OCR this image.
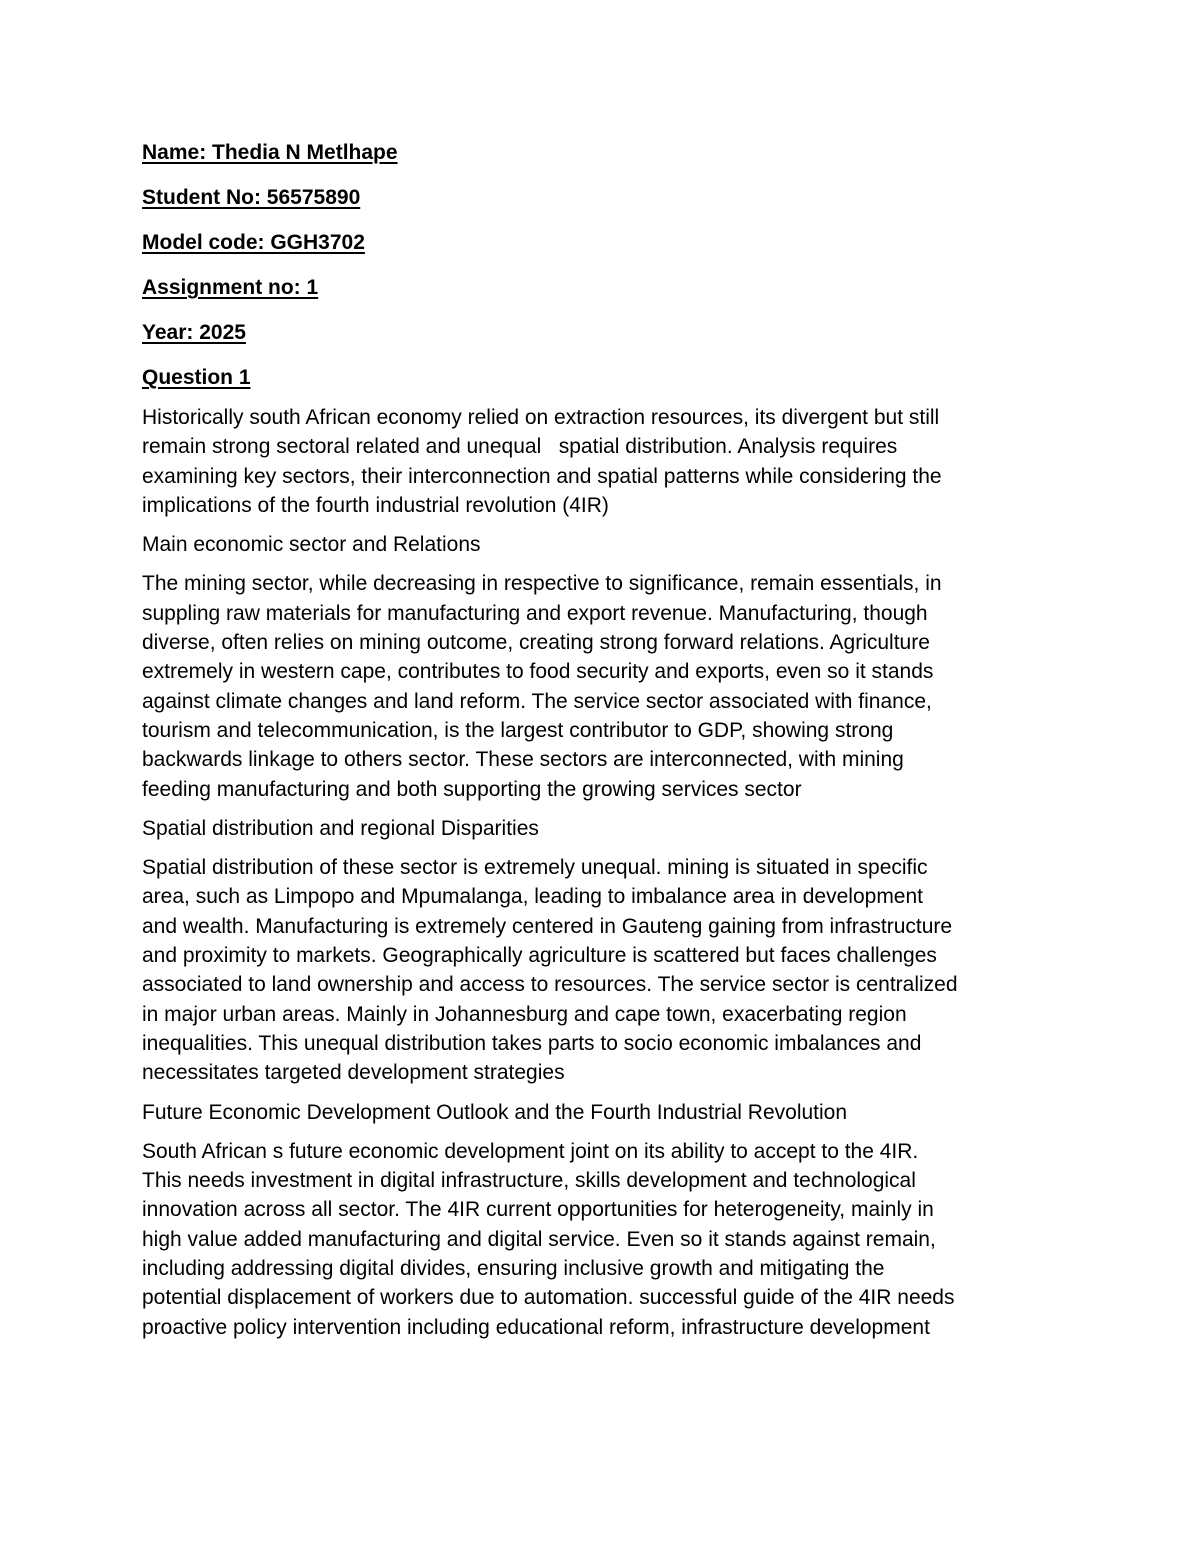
Name: Thedia N Metlhape
Student No: 56575890
Model code: GGH3702
Assignment no: 1
Year: 2025
Question 1
Historically south African economy relied on extraction resources, its divergent but still
remain strong sectoral related and unequal   spatial distribution. Analysis requires
examining key sectors, their interconnection and spatial patterns while considering the
implications of the fourth industrial revolution (4IR)
Main economic sector and Relations
The mining sector, while decreasing in respective to significance, remain essentials, in
suppling raw materials for manufacturing and export revenue. Manufacturing, though
diverse, often relies on mining outcome, creating strong forward relations. Agriculture
extremely in western cape, contributes to food security and exports, even so it stands
against climate changes and land reform. The service sector associated with finance,
tourism and telecommunication, is the largest contributor to GDP, showing strong
backwards linkage to others sector. These sectors are interconnected, with mining
feeding manufacturing and both supporting the growing services sector
Spatial distribution and regional Disparities
Spatial distribution of these sector is extremely unequal. mining is situated in specific
area, such as Limpopo and Mpumalanga, leading to imbalance area in development
and wealth. Manufacturing is extremely centered in Gauteng gaining from infrastructure
and proximity to markets. Geographically agriculture is scattered but faces challenges
associated to land ownership and access to resources. The service sector is centralized
in major urban areas. Mainly in Johannesburg and cape town, exacerbating region
inequalities. This unequal distribution takes parts to socio economic imbalances and
necessitates targeted development strategies
Future Economic Development Outlook and the Fourth Industrial Revolution
South African s future economic development joint on its ability to accept to the 4IR.
This needs investment in digital infrastructure, skills development and technological
innovation across all sector. The 4IR current opportunities for heterogeneity, mainly in
high value added manufacturing and digital service. Even so it stands against remain,
including addressing digital divides, ensuring inclusive growth and mitigating the
potential displacement of workers due to automation. successful guide of the 4IR needs
proactive policy intervention including educational reform, infrastructure development
